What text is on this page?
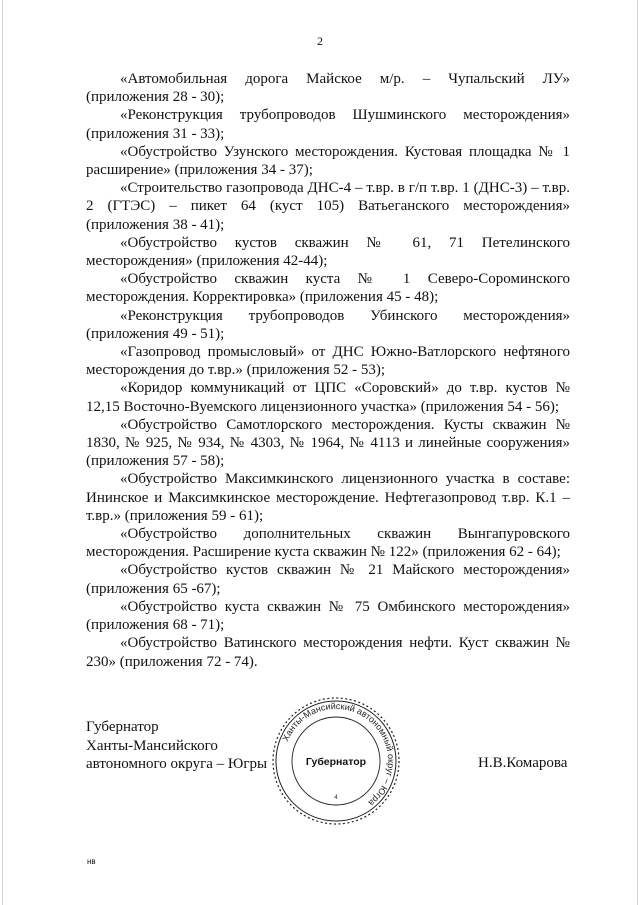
2
«Автомобильная дорога Майское м/р. – Чупальский ЛУ» (приложения 28 - 30);
«Реконструкция трубопроводов Шушминского месторождения» (приложения 31 - 33);
«Обустройство Узунского месторождения. Кустовая площадка № 1 расширение» (приложения 34 - 37);
«Строительство газопровода ДНС-4 – т.вр. в г/п т.вр. 1 (ДНС-3) – т.вр. 2 (ГТЭС) – пикет 64 (куст 105) Ватьеганского месторождения» (приложения 38 - 41);
«Обустройство кустов скважин № 61, 71 Петелинского месторождения» (приложения 42-44);
«Обустройство скважин куста № 1 Северо-Сороминского месторождения. Корректировка» (приложения 45 - 48);
«Реконструкция трубопроводов Убинского месторождения» (приложения 49 - 51);
«Газопровод промысловый» от ДНС Южно-Ватлорского нефтяного месторождения до т.вр.» (приложения 52 - 53);
«Коридор коммуникаций от ЦПС «Соровский» до т.вр. кустов № 12,15 Восточно-Вуемского лицензионного участка» (приложения 54 - 56);
«Обустройство Самотлорского месторождения. Кусты скважин № 1830, № 925, № 934, № 4303, № 1964, № 4113 и линейные сооружения» (приложения 57 - 58);
«Обустройство Максимкинского лицензионного участка в составе: Ининское и Максимкинское месторождение. Нефтегазопровод т.вр. К.1 – т.вр.» (приложения 59 - 61);
«Обустройство дополнительных скважин Вынгапуровского месторождения. Расширение куста скважин № 122» (приложения 62 - 64);
«Обустройство кустов скважин № 21 Майского месторождения» (приложения 65 -67);
«Обустройство куста скважин № 75 Омбинского месторождения» (приложения 68 - 71);
«Обустройство Ватинского месторождения нефти. Куст скважин № 230» (приложения 72 - 74).
Губернатор
Ханты-Мансийского
автономного округа – Югры
Ханты-Мансийский автономный округ – Югра
Губернатор
4
Н.В.Комарова
нв
